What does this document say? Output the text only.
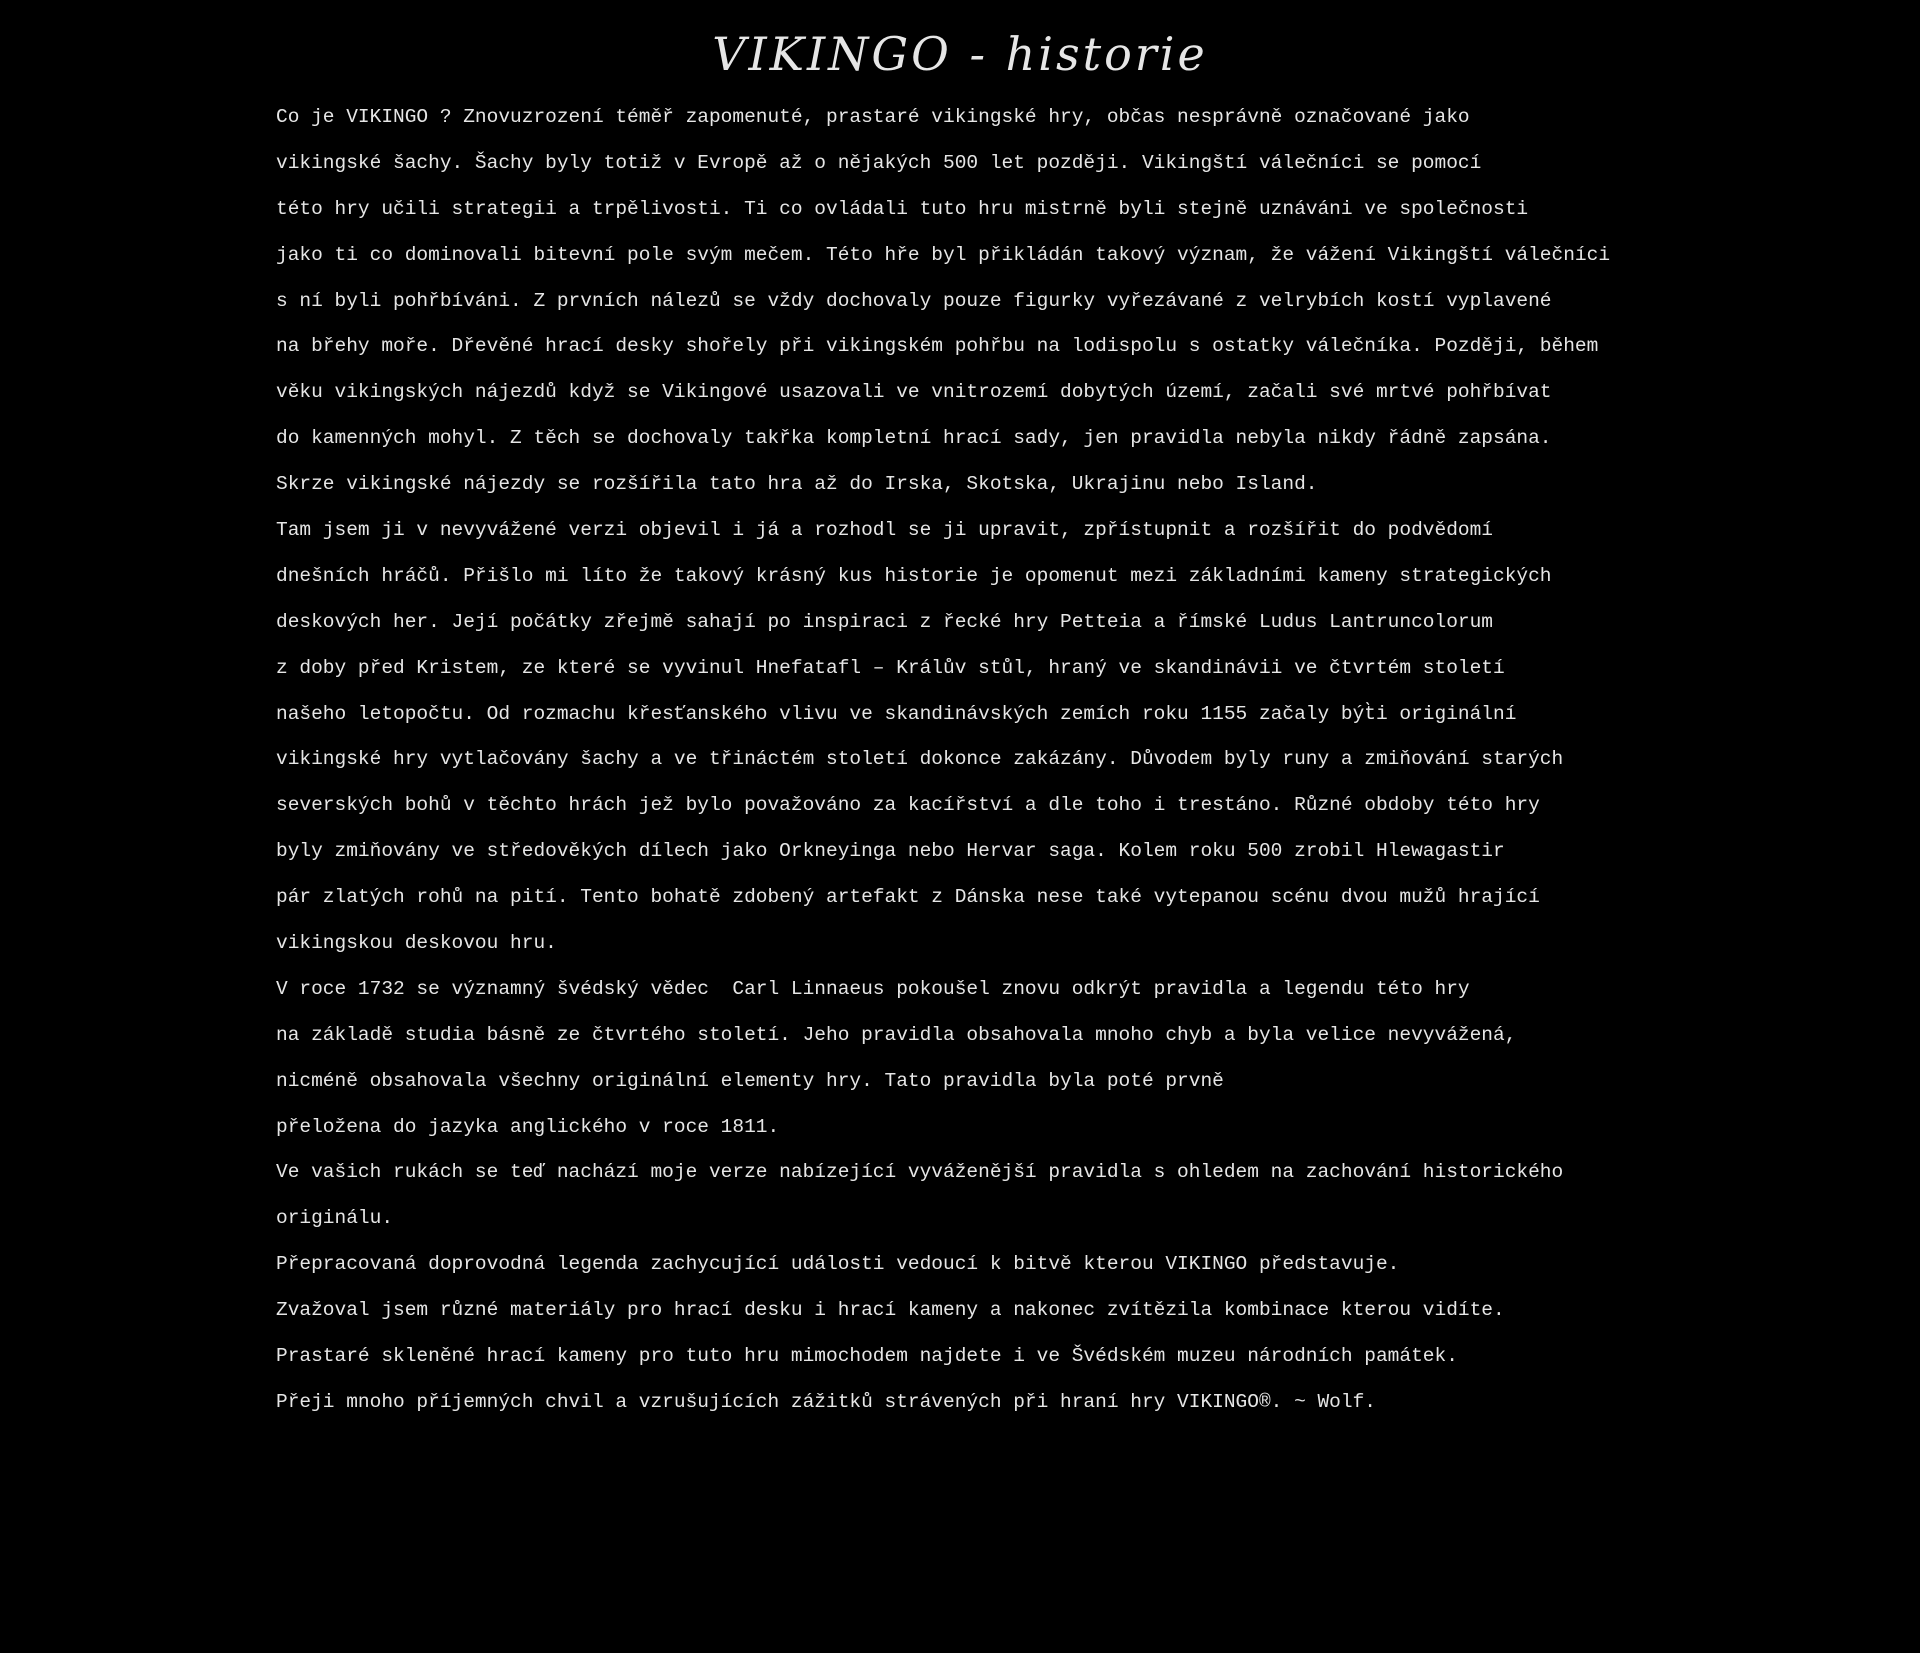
VIKINGO - historie

Co je VIKINGO ? Znovuzrození téměř zapomenuté, prastaré vikingské hry, občas nesprávně označované jako

vikingské šachy. Šachy byly totiž v Evropě až o nějakých 500 let později. Vikingští válečníci se pomocí

této hry učili strategii a trpělivosti. Ti co ovládali tuto hru mistrně byli stejně uznáváni ve společnosti

jako ti co dominovali bitevní pole svým mečem. Této hře byl přikládán takový význam, že vážení Vikingští válečníci

s ní byli pohřbíváni. Z prvních nálezů se vždy dochovaly pouze figurky vyřezávané z velrybích kostí vyplavené

na břehy moře. Dřevěné hrací desky shořely při vikingském pohřbu na lodispolu s ostatky válečníka. Později, během

věku vikingských nájezdů když se Vikingové usazovali ve vnitrozemí dobytých území, začali své mrtvé pohřbívat

do kamenných mohyl. Z těch se dochovaly takřka kompletní hrací sady, jen pravidla nebyla nikdy řádně zapsána.

Skrze vikingské nájezdy se rozšířila tato hra až do Irska, Skotska, Ukrajinu nebo Island.

Tam jsem ji v nevyvážené verzi objevil i já a rozhodl se ji upravit, zpřístupnit a rozšířit do podvědomí

dnešních hráčů. Přišlo mi líto že takový krásný kus historie je opomenut mezi základními kameny strategických

deskových her. Její počátky zřejmě sahají po inspiraci z řecké hry Petteia a římské Ludus Lantruncolorum

z doby před Kristem, ze které se vyvinul Hnefatafl – Králův stůl, hraný ve skandinávii ve čtvrtém století

našeho letopočtu. Od rozmachu křesťanského vlivu ve skandinávských zemích roku 1155 začaly být̀i originální

vikingské hry vytlačovány šachy a ve třináctém století dokonce zakázány. Důvodem byly runy a zmiňování starých

severských bohů v těchto hrách jež bylo považováno za kacířství a dle toho i trestáno. Různé obdoby této hry

byly zmiňovány ve středověkých dílech jako Orkneyinga nebo Hervar saga. Kolem roku 500 zrobil Hlewagastir

pár zlatých rohů na pití. Tento bohatě zdobený artefakt z Dánska nese také vytepanou scénu dvou mužů hrající

vikingskou deskovou hru.

V roce 1732 se významný švédský vědec  Carl Linnaeus pokoušel znovu odkrýt pravidla a legendu této hry

na základě studia básně ze čtvrtého století. Jeho pravidla obsahovala mnoho chyb a byla velice nevyvážená,

nicméně obsahovala všechny originální elementy hry. Tato pravidla byla poté prvně

přeložena do jazyka anglického v roce 1811.

Ve vašich rukách se teď nachází moje verze nabízející vyváženější pravidla s ohledem na zachování historického

originálu.

Přepracovaná doprovodná legenda zachycující události vedoucí k bitvě kterou VIKINGO představuje.

Zvažoval jsem různé materiály pro hrací desku i hrací kameny a nakonec zvítězila kombinace kterou vidíte.

Prastaré skleněné hrací kameny pro tuto hru mimochodem najdete i ve Švédském muzeu národních památek.

Přeji mnoho příjemných chvil a vzrušujících zážitků strávených při hraní hry VIKINGO®. ~ Wolf.
